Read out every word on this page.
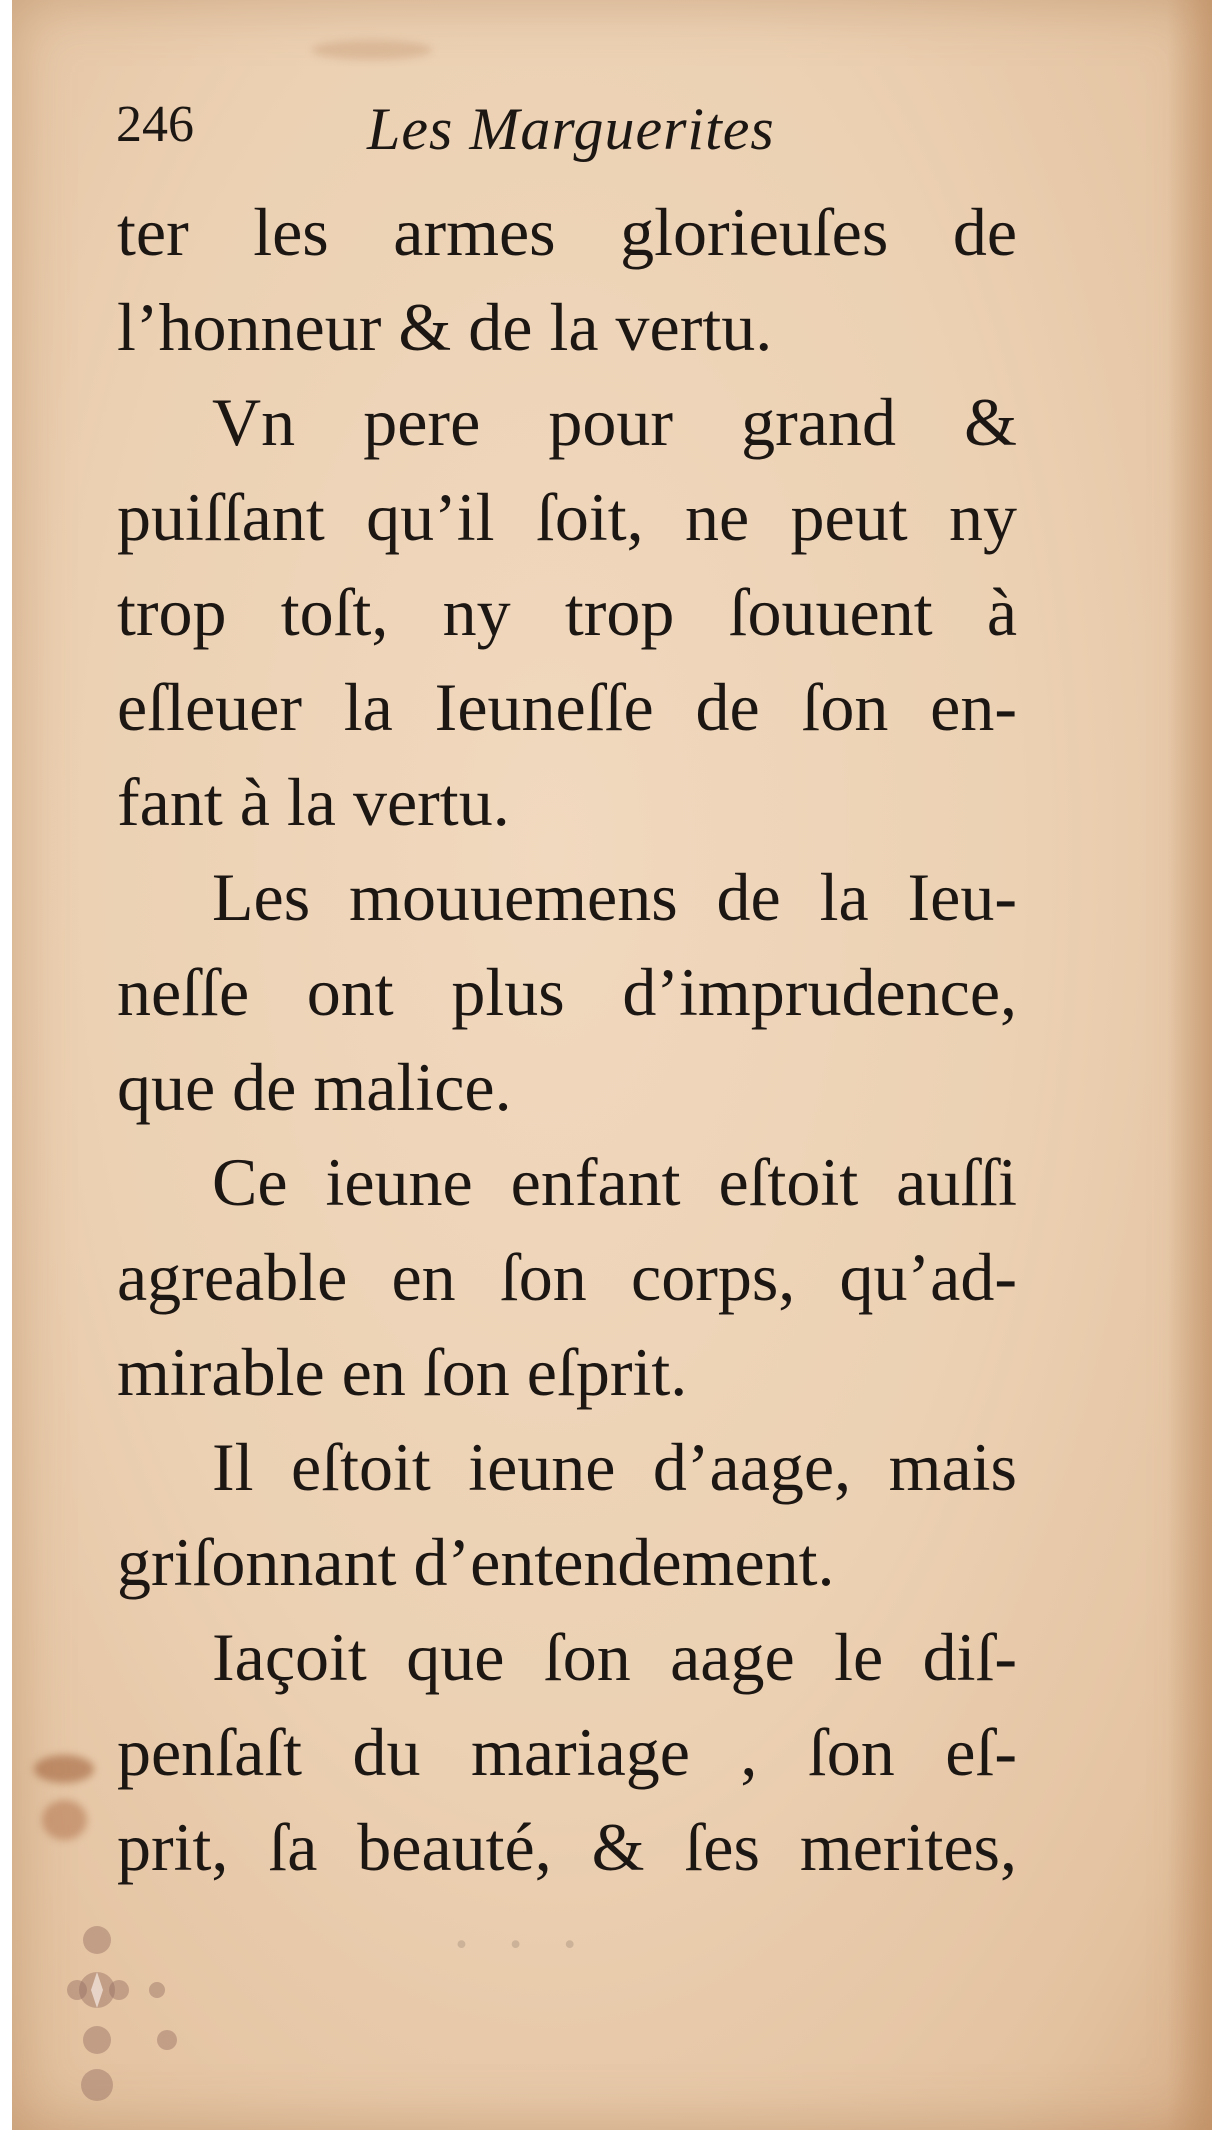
246	Les Marguerites

ter les armes glorieuſes de

l’honneur & de la vertu.

Vn pere pour grand &

puiſſant qu’il ſoit, ne peut ny

trop toſt, ny trop ſouuent à

eſleuer la Ieuneſſe de ſon en-

fant à la vertu.

Les mouuemens de la Ieu-

neſſe ont plus d’imprudence,

que de malice.

Ce ieune enfant eſtoit auſſi

agreable en ſon corps, qu’ad-

mirable en ſon eſprit.

Il eſtoit ieune d’aage, mais

griſonnant d’entendement.

Iaçoit que ſon aage le diſ-

penſaſt du mariage , ſon eſ-

prit, ſa beauté, & ſes merites,

· · ·
